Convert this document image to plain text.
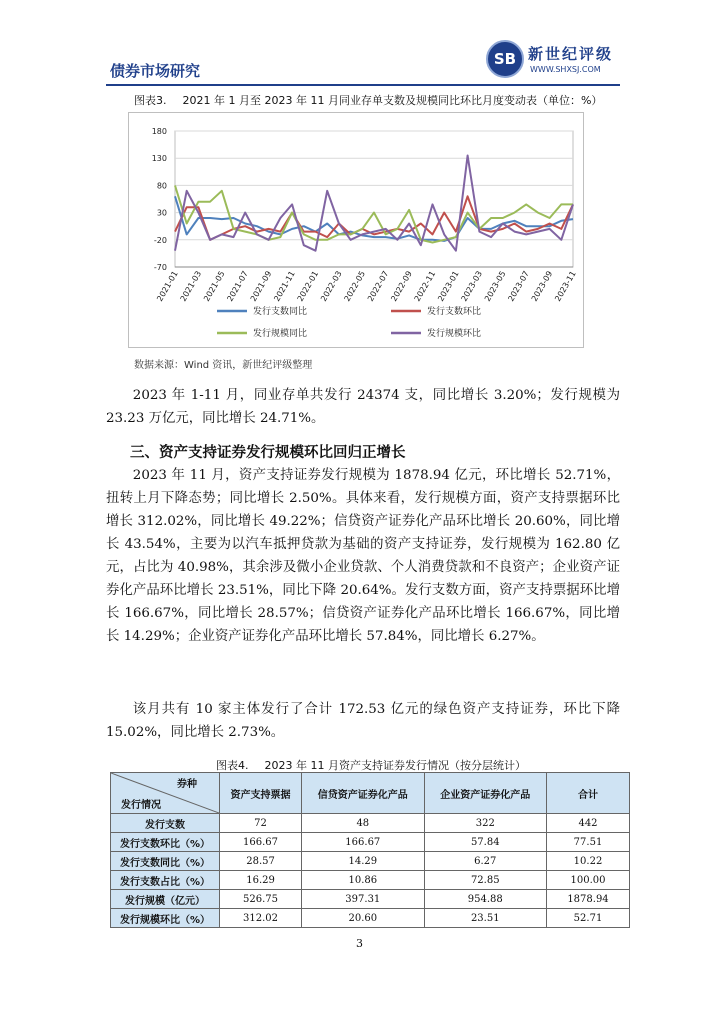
债券市场研究
SB 新世纪评级
WWW.SHXSJ.COM
图表3. 2021 年 1 月至 2023 年 11 月同业存单支数及规模同比环比月度变动表（单位：%）
-70
-20
30
80
130
180
2021-01
2021-03
2021-05
2021-07
2021-09
2021-11
2022-01
2022-03
2022-05
2022-07
2022-09
2022-11
2023-01
2023-03
2023-05
2023-07
2023-09
2023-11
发行支数同比	发行支数环比
发行规模同比	发行规模环比
数据来源：Wind 资讯，新世纪评级整理
2023 年 1-11 月，同业存单共发行 24374 支，同比增长 3.20%；发行规模为 23.23 万亿元，同比增长 24.71%。
三、资产支持证券发行规模环比回归正增长
2023 年 11 月，资产支持证券发行规模为 1878.94 亿元，环比增长 52.71%，扭转上月下降态势；同比增长 2.50%。具体来看，发行规模方面，资产支持票据环比增长 312.02%，同比增长 49.22%；信贷资产证券化产品环比增长 20.60%，同比增长 43.54%，主要为以汽车抵押贷款为基础的资产支持证券，发行规模为 162.80 亿元，占比为 40.98%，其余涉及微小企业贷款、个人消费贷款和不良资产；企业资产证券化产品环比增长 23.51%，同比下降 20.64%。发行支数方面，资产支持票据环比增长 166.67%，同比增长 28.57%；信贷资产证券化产品环比增长 166.67%，同比增长 14.29%；企业资产证券化产品环比增长 57.84%，同比增长 6.27%。
该月共有 10 家主体发行了合计 172.53 亿元的绿色资产支持证券，环比下降 15.02%，同比增长 2.73%。
图表4. 2023 年 11 月资产支持证券发行情况（按分层统计）
券种
发行情况	资产支持票据	信贷资产证券化产品	企业资产证券化产品	合计
发行支数	72	48	322	442
发行支数环比（%）	166.67	166.67	57.84	77.51
发行支数同比（%）	28.57	14.29	6.27	10.22
发行支数占比（%）	16.29	10.86	72.85	100.00
发行规模（亿元）	526.75	397.31	954.88	1878.94
发行规模环比（%）	312.02	20.60	23.51	52.71
3
